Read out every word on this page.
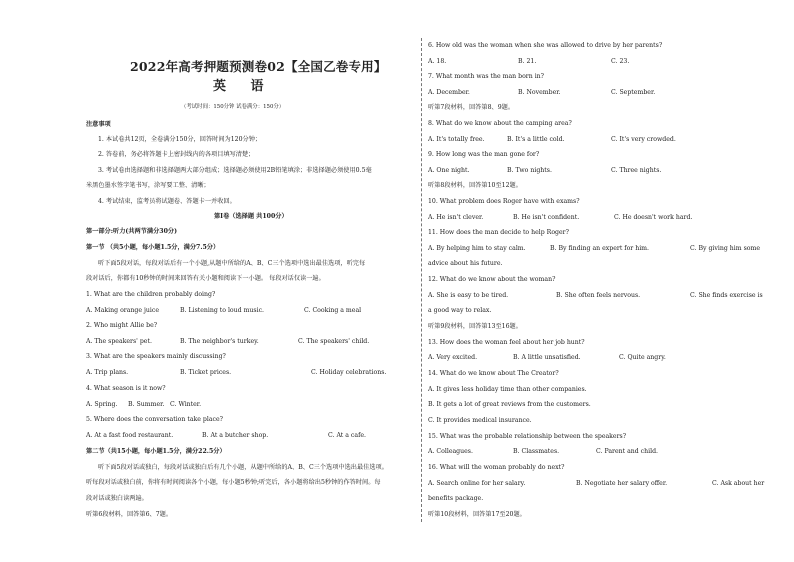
2022年高考押题预测卷02【全国乙卷专用】
英 语
（考试时间：150分钟 试卷满分：150分）
注意事项
1. 本试卷共12页，全卷满分150分，回答时间为120分钟；
2. 答卷前，务必将答题卡上密封线内的各项目填写清楚；
3. 考试卷由选择题和非选择题两大部分组成；选择题必须使用2B铅笔填涂；非选择题必须使用0.5毫
米黑色墨水签字笔书写，涂写要工整、清晰；
4. 考试结束，监考员将试题卷、答题卡一并收回。
第I卷（选择题 共100分）
第一部分:听力(共两节满分30分)
第一节 （共5小题，每小题1.5分，满分7.5分）
听下面5段对话，每段对话后有一个小题,从题中所给的A、B、C三个选项中选出最佳选项，听完每
段对话后，你都有10秒钟的时间来回答有关小题和阅读下一小题。 每段对话仅读一遍。
1. What are the children probably doing?
A. Making orange juice	B. Listening to loud music.	C. Cooking a meal
2. Who might Allie be?
A. The speakers' pet.	B. The neighbor's turkey.	C. The speakers' child.
3. What are the speakers mainly discussing?
A. Trip plans.	B. Ticket prices.	C. Holiday celebrations.
4. What season is it now?
A. Spring. B. Summer. C. Winter.
5. Where does the conversation take place?
A. At a fast food restaurant.	B. At a butcher shop.	C. At a cafe.
第二节（共15小题，每小题1.5分，满分22.5分）
听下面5段对话或独白，每段对话或独白后有几个小题，从题中所给的A、B、C三个选项中选出最佳选项。
听每段对话或独白前，你将有时间阅读各个小题，每小题5秒钟;听完后，各小题将给出5秒钟的作答时间。每
段对话或独白读两遍。
听第6段材料，回答第6、7题。
6. How old was the woman when she was allowed to drive by her parents?
A. 18.	B. 21.	C. 23.
7. What month was the man born in?
A. December.	B. November.	C. September.
听第7段材料，回答第8、9题。
8. What do we know about the camping area?
A. It's totally free.	B. It's a little cold.	C. It's very crowded.
9. How long was the man gone for?
A. One night.	B. Two nights.	C. Three nights.
听第8段材料，回答第10至12题。
10. What problem does Roger have with exams?
A. He isn't clever.	B. He isn't confident.	C. He doesn't work hard.
11. How does the man decide to help Roger?
A. By helping him to stay calm.	B. By finding an expert for him.	C. By giving him some
advice about his future.
12. What do we know about the woman?
A. She is easy to be tired.	B. She often feels nervous.	C. She finds exercise is
a good way to relax.
听第9段材料，回答第13至16题。
13. How does the woman feel about her job hunt?
A. Very excited.	B. A little unsatisfied.	C. Quite angry.
14. What do we know about The Creator?
A. It gives less holiday time than other companies.
B. It gets a lot of great reviews from the customers.
C. It provides medical insurance.
15. What was the probable relationship between the speakers?
A. Colleagues.	B. Classmates.	C. Parent and child.
16. What will the woman probably do next?
A. Search online for her salary.	B. Negotiate her salary offer.	C. Ask about her
benefits package.
听第10段材料，回答第17至20题。
